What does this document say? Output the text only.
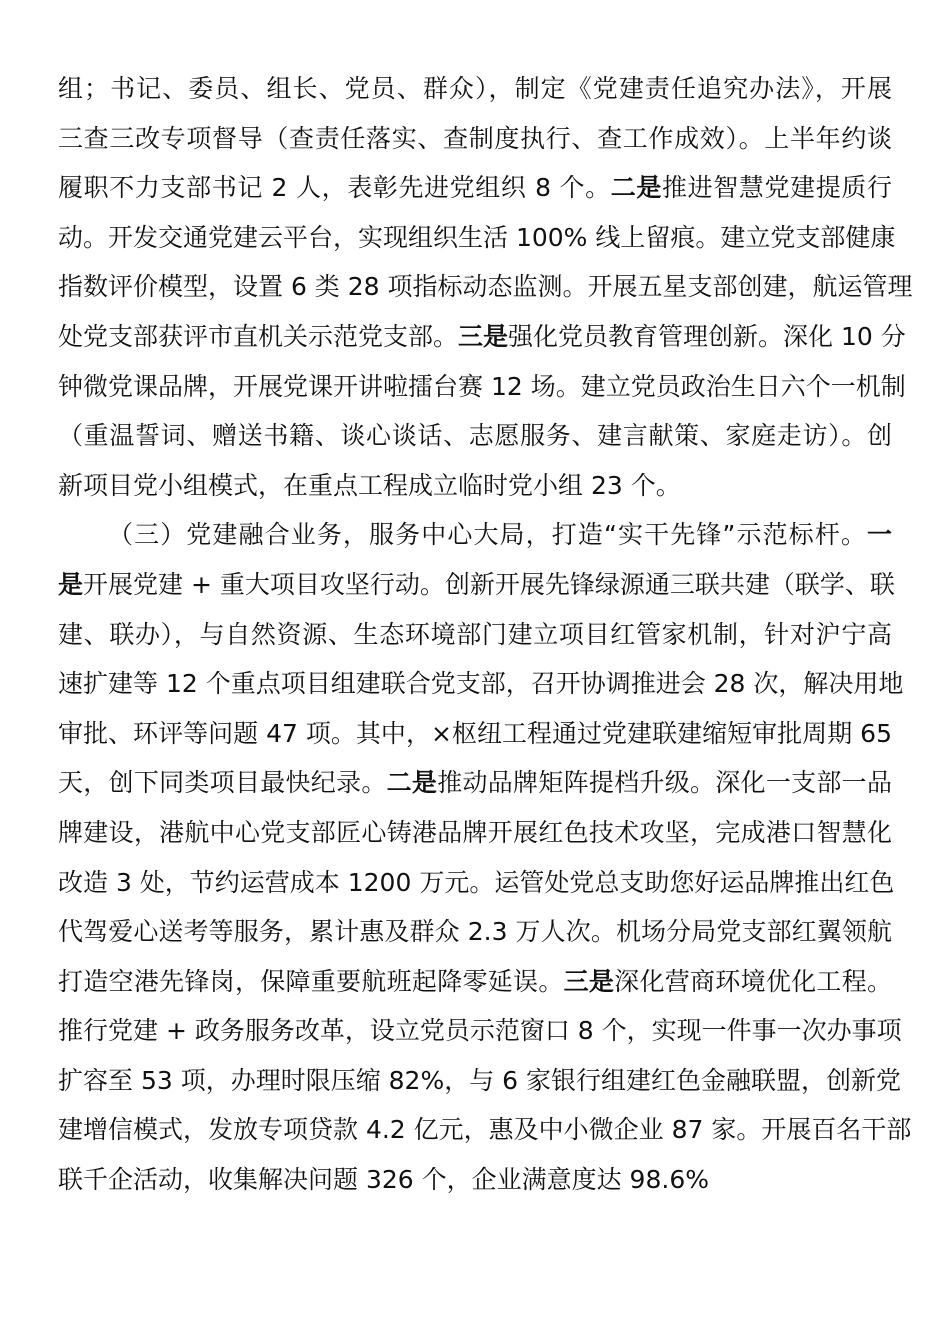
组；书记、委员、组长、党员、群众），制定《党建责任追究办法》，开展
三查三改专项督导（查责任落实、查制度执行、查工作成效）。上半年约谈
履职不力支部书记 2 人，表彰先进党组织 8 个。二是推进智慧党建提质行
动。开发交通党建云平台，实现组织生活 100% 线上留痕。建立党支部健康
指数评价模型，设置 6 类 28 项指标动态监测。开展五星支部创建，航运管理
处党支部获评市直机关示范党支部。三是强化党员教育管理创新。深化 10 分
钟微党课品牌，开展党课开讲啦擂台赛 12 场。建立党员政治生日六个一机制
（重温誓词、赠送书籍、谈心谈话、志愿服务、建言献策、家庭走访）。创
新项目党小组模式，在重点工程成立临时党小组 23 个。
（三）党建融合业务，服务中心大局，打造“实干先锋”示范标杆。一
是开展党建 + 重大项目攻坚行动。创新开展先锋绿源通三联共建（联学、联
建、联办），与自然资源、生态环境部门建立项目红管家机制，针对沪宁高
速扩建等 12 个重点项目组建联合党支部，召开协调推进会 28 次，解决用地
审批、环评等问题 47 项。其中，×枢纽工程通过党建联建缩短审批周期 65
天，创下同类项目最快纪录。二是推动品牌矩阵提档升级。深化一支部一品
牌建设，港航中心党支部匠心铸港品牌开展红色技术攻坚，完成港口智慧化
改造 3 处，节约运营成本 1200 万元。运管处党总支助您好运品牌推出红色
代驾爱心送考等服务，累计惠及群众 2.3 万人次。机场分局党支部红翼领航
打造空港先锋岗，保障重要航班起降零延误。三是深化营商环境优化工程。
推行党建 + 政务服务改革，设立党员示范窗口 8 个，实现一件事一次办事项
扩容至 53 项，办理时限压缩 82%，与 6 家银行组建红色金融联盟，创新党
建增信模式，发放专项贷款 4.2 亿元，惠及中小微企业 87 家。开展百名干部
联千企活动，收集解决问题 326 个，企业满意度达 98.6%
